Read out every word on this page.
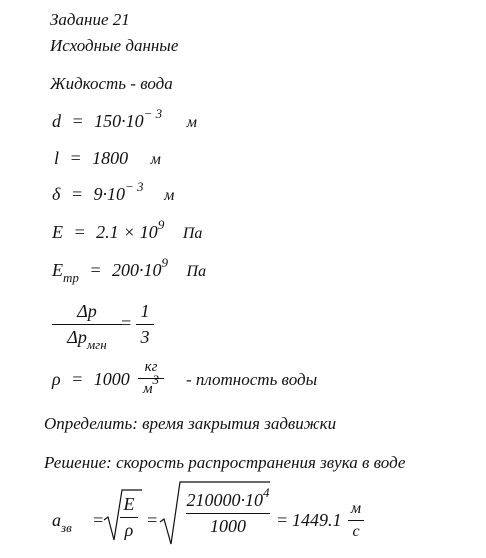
Задание 21
Исходные данные
Жидкость - вода
$d = 150\cdot 10^{- 3}$ м
l = 1800 м
$\delta = 9\cdot 10^{- 3}$ м
$E = 2.1 \times 10^9$ Па
$E_{тр} = 200\cdot 10^9$ Па
Δp
$\Delta p_{мгн}$
=
1
3
ρ = 1000
кг
м3 - плотность воды
Определить: время закрытия задвижки
Решение: скорость распространения звука в воде
$a_{зв}$ =
E
ρ =
$210000\cdot 10^4$
1000 = 1449.1
м
с
